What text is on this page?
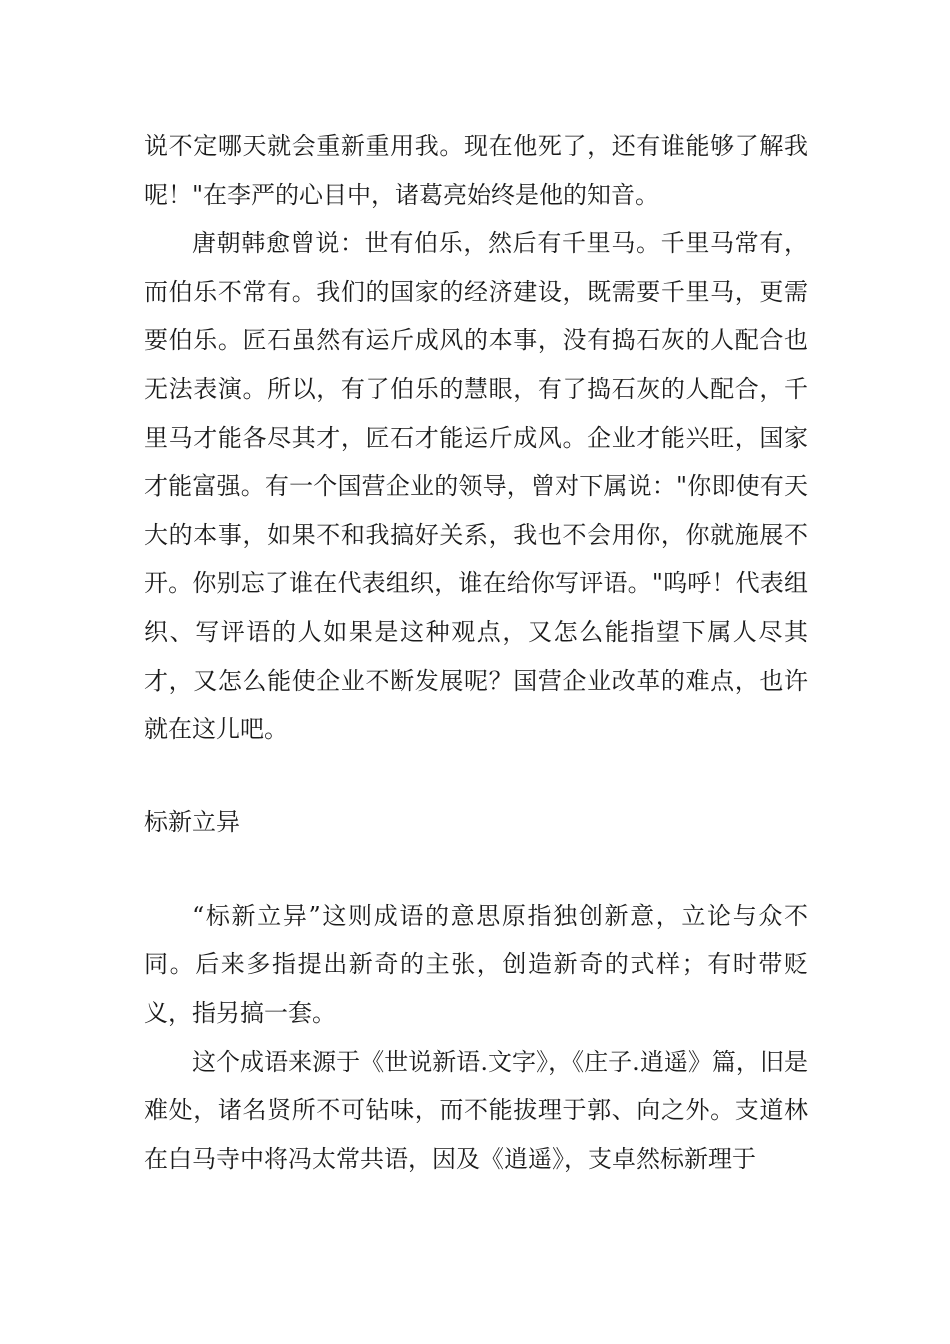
说不定哪天就会重新重用我。现在他死了，还有谁能够了解我呢！"在李严的心目中，诸葛亮始终是他的知音。

唐朝韩愈曾说：世有伯乐，然后有千里马。千里马常有，而伯乐不常有。我们的国家的经济建设，既需要千里马，更需要伯乐。匠石虽然有运斤成风的本事，没有捣石灰的人配合也无法表演。所以，有了伯乐的慧眼，有了捣石灰的人配合，千里马才能各尽其才，匠石才能运斤成风。企业才能兴旺，国家才能富强。有一个国营企业的领导，曾对下属说："你即使有天大的本事，如果不和我搞好关系，我也不会用你，你就施展不开。你别忘了谁在代表组织，谁在给你写评语。"呜呼！代表组织、写评语的人如果是这种观点，又怎么能指望下属人尽其才，又怎么能使企业不断发展呢？国营企业改革的难点，也许就在这儿吧。

标新立异

“标新立异”这则成语的意思原指独创新意，立论与众不同。后来多指提出新奇的主张，创造新奇的式样；有时带贬义，指另搞一套。

这个成语来源于《世说新语.文字》，《庄子.逍遥》篇，旧是难处，诸名贤所不可钻味，而不能拔理于郭、向之外。支道林在白马寺中将冯太常共语，因及《逍遥》，支卓然标新理于
